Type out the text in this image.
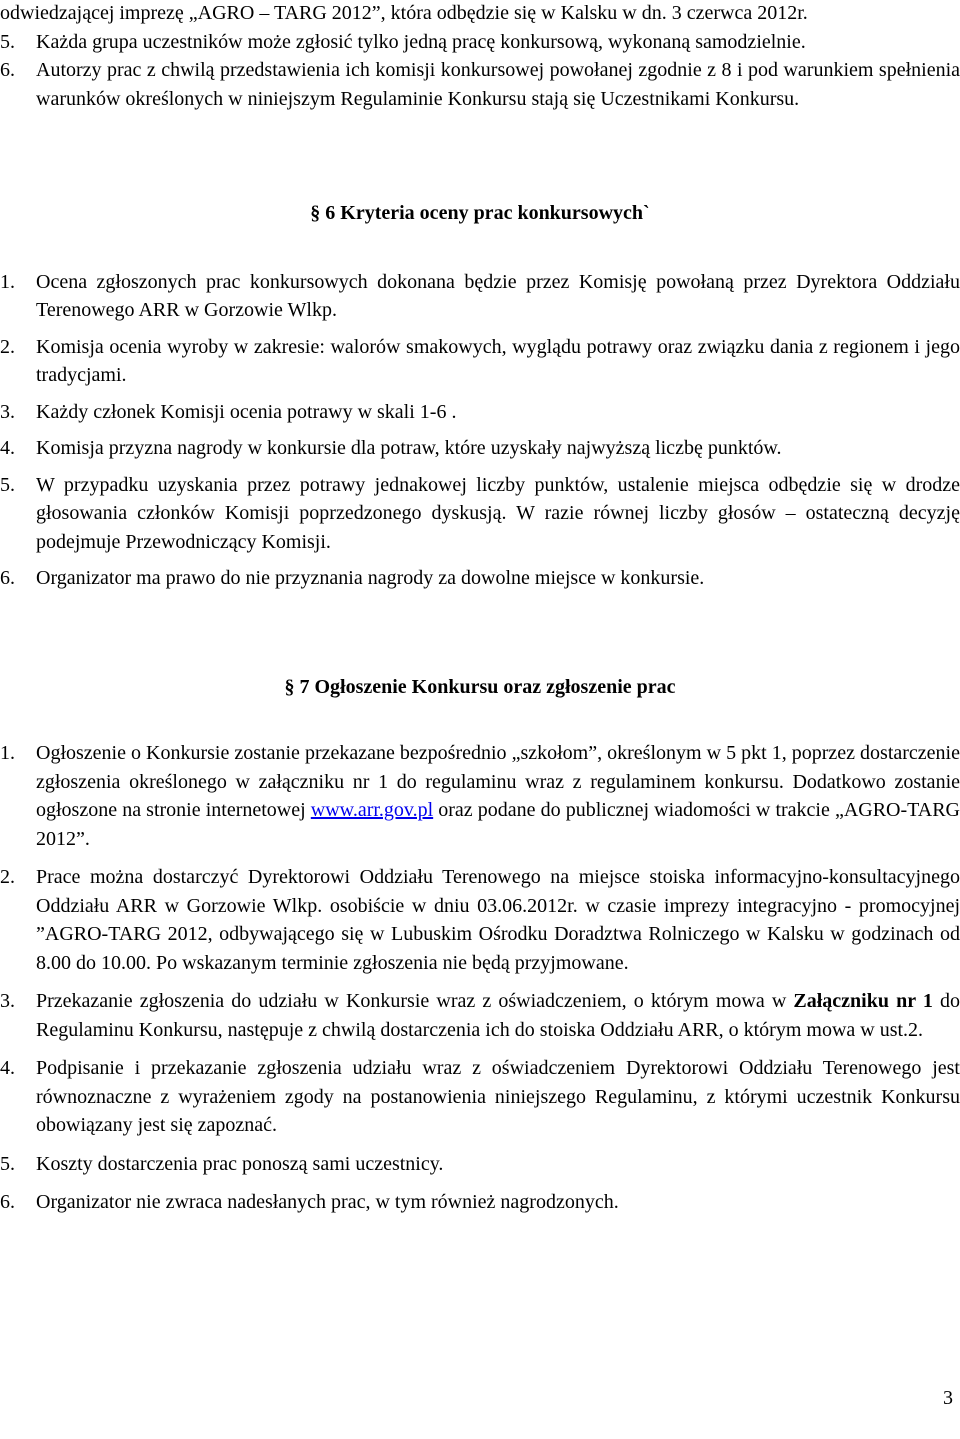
odwiedzającej imprezę „AGRO – TARG 2012”, która odbędzie się w Kalsku w dn. 3 czerwca 2012r.

5.	Każda grupa uczestników może zgłosić tylko jedną pracę konkursową, wykonaną samodzielnie.
6.	Autorzy prac z chwilą przedstawienia ich komisji konkursowej powołanej zgodnie z 8 i pod warunkiem spełnienia warunków określonych w niniejszym Regulaminie Konkursu stają się Uczestnikami Konkursu.

§ 6 Kryteria oceny prac konkursowych`

1.	Ocena zgłoszonych prac konkursowych dokonana będzie przez Komisję powołaną przez Dyrektora Oddziału Terenowego ARR w Gorzowie Wlkp.
2.	Komisja ocenia wyroby w zakresie: walorów smakowych, wyglądu potrawy oraz związku dania z regionem i jego tradycjami.
3.	Każdy członek Komisji ocenia potrawy w skali 1-6 .
4.	Komisja przyzna nagrody w konkursie dla potraw, które uzyskały najwyższą liczbę punktów.
5.	W przypadku uzyskania przez potrawy jednakowej liczby punktów, ustalenie miejsca odbędzie się w drodze głosowania członków Komisji poprzedzonego dyskusją. W razie równej liczby głosów – ostateczną decyzję podejmuje Przewodniczący Komisji.
6.	Organizator ma prawo do nie przyznania nagrody za dowolne miejsce w konkursie.

§ 7 Ogłoszenie Konkursu oraz zgłoszenie prac

1.	Ogłoszenie o Konkursie zostanie przekazane bezpośrednio „szkołom”, określonym w 5 pkt 1, poprzez dostarczenie zgłoszenia określonego w załączniku nr 1 do regulaminu wraz z regulaminem konkursu. Dodatkowo zostanie ogłoszone na stronie internetowej www.arr.gov.pl oraz podane do publicznej wiadomości w trakcie „AGRO-TARG 2012”.
2.	Prace można dostarczyć Dyrektorowi Oddziału Terenowego na miejsce stoiska informacyjno-konsultacyjnego Oddziału ARR w Gorzowie Wlkp. osobiście w dniu 03.06.2012r. w czasie imprezy integracyjno - promocyjnej ”AGRO-TARG 2012, odbywającego się w Lubuskim Ośrodku Doradztwa Rolniczego w Kalsku w godzinach od 8.00 do 10.00. Po wskazanym terminie zgłoszenia nie będą przyjmowane.
3.	Przekazanie zgłoszenia do udziału w Konkursie wraz z oświadczeniem, o którym mowa w Załączniku nr 1 do Regulaminu Konkursu, następuje z chwilą dostarczenia ich do stoiska Oddziału ARR, o którym mowa w ust.2.
4.	Podpisanie i przekazanie zgłoszenia udziału wraz z oświadczeniem Dyrektorowi Oddziału Terenowego jest równoznaczne z wyrażeniem zgody na postanowienia niniejszego Regulaminu, z którymi uczestnik Konkursu obowiązany jest się zapoznać.
5.	Koszty dostarczenia prac ponoszą sami uczestnicy.
6.	Organizator nie zwraca nadesłanych prac, w tym również nagrodzonych.
3
